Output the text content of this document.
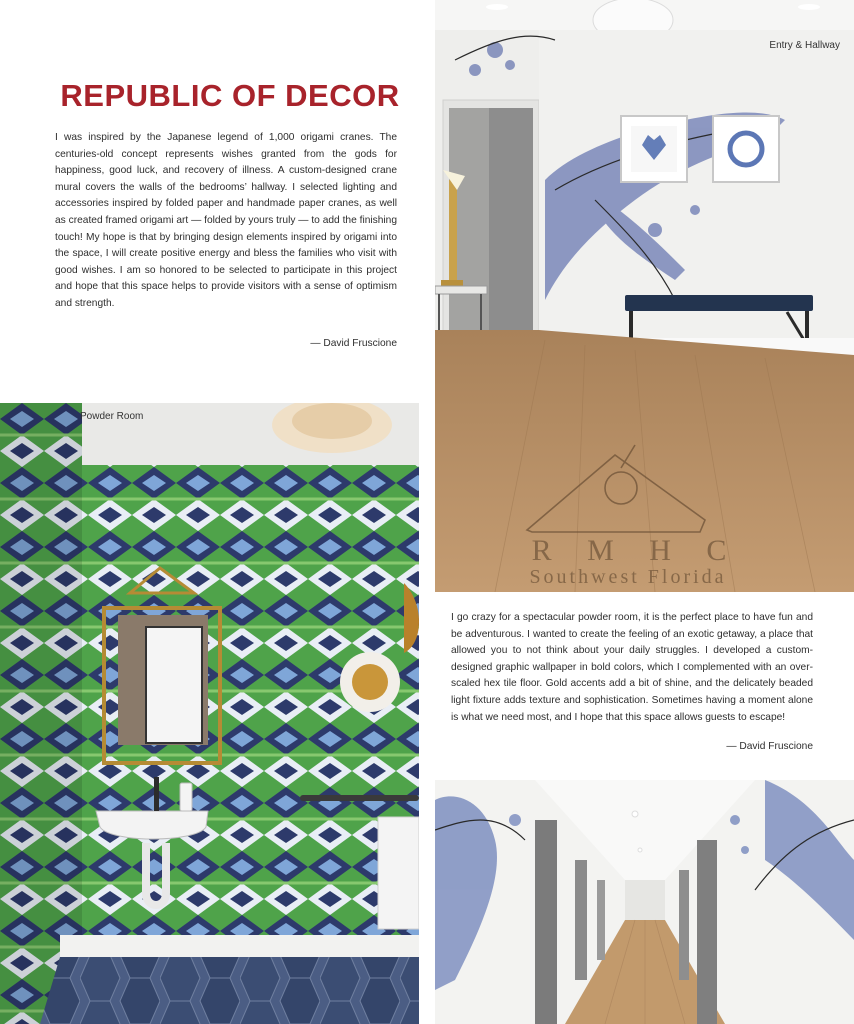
REPUBLIC OF DECOR

I was inspired by the Japanese legend of 1,000 origami cranes. The centuries-old concept represents wishes granted from the gods for happiness, good luck, and recovery of illness. A custom-designed crane mural covers the walls of the bedrooms’ hallway. I selected lighting and accessories inspired by folded paper and handmade paper cranes, as well as created framed origami art — folded by yours truly — to add the finishing touch! My hope is that by bringing design elements inspired by origami into the space, I will create positive energy and bless the families who visit with good wishes. I am so honored to be selected to participate in this project and hope that this space helps to provide visitors with a sense of optimism and strength.

— David Fruscione

Entry & Hallway
R M H C
Southwest Florida
Powder Room

I go crazy for a spectacular powder room, it is the perfect place to have fun and be adventurous. I wanted to create the feeling of an exotic getaway, a place that allowed you to not think about your daily struggles. I developed a custom-designed graphic wallpaper in bold colors, which I complemented with an over-scaled hex tile floor. Gold accents add a bit of shine, and the delicately beaded light fixture adds texture and sophistication. Sometimes having a moment alone is what we need most, and I hope that this space allows guests to escape!

— David Fruscione
